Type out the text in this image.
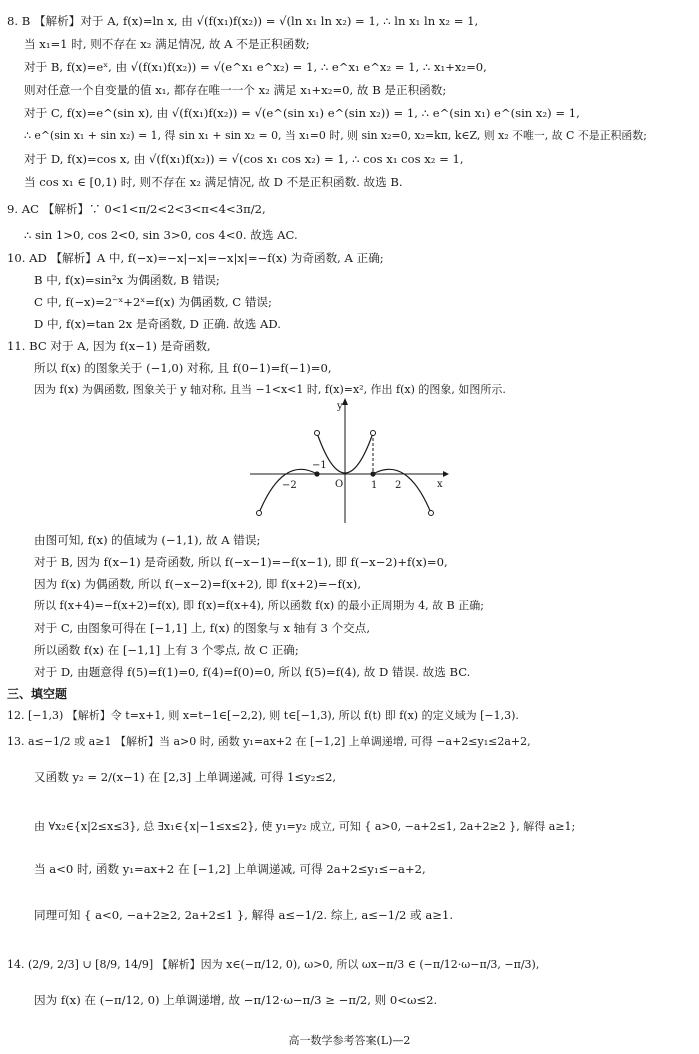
8. B 【解析】对于 A, f(x)=ln x, 由 √(f(x₁)f(x₂)) = √(ln x₁ ln x₂) = 1, ∴ ln x₁ ln x₂ = 1,
当 x₁=1 时, 则不存在 x₂ 满足情况, 故 A 不是正积函数;
对于 B, f(x)=eˣ, 由 √(f(x₁)f(x₂)) = √(e^x₁ e^x₂) = 1, ∴ e^x₁ e^x₂ = 1, ∴ x₁+x₂=0,
则对任意一个自变量的值 x₁, 都存在唯一一个 x₂ 满足 x₁+x₂=0, 故 B 是正积函数;
对于 C, f(x)=e^(sin x), 由 √(f(x₁)f(x₂)) = √(e^(sin x₁) e^(sin x₂)) = 1, ∴ e^(sin x₁) e^(sin x₂) = 1,
∴ e^(sin x₁ + sin x₂) = 1, 得 sin x₁ + sin x₂ = 0, 当 x₁=0 时, 则 sin x₂=0, x₂=kπ, k∈Z, 则 x₂ 不唯一, 故 C 不是正积函数;
对于 D, f(x)=cos x, 由 √(f(x₁)f(x₂)) = √(cos x₁ cos x₂) = 1, ∴ cos x₁ cos x₂ = 1,
当 cos x₁ ∈ [0,1) 时, 则不存在 x₂ 满足情况, 故 D 不是正积函数. 故选 B.
9. AC 【解析】∵ 0<1<π/2<2<3<π<4<3π/2,
∴ sin 1>0, cos 2<0, sin 3>0, cos 4<0. 故选 AC.
10. AD 【解析】A 中, f(−x)=−x|−x|=−x|x|=−f(x) 为奇函数, A 正确;
B 中, f(x)=sin²x 为偶函数, B 错误;
C 中, f(−x)=2⁻ˣ+2ˣ=f(x) 为偶函数, C 错误;
D 中, f(x)=tan 2x 是奇函数, D 正确. 故选 AD.
11. BC 对于 A, 因为 f(x−1) 是奇函数,
所以 f(x) 的图象关于 (−1,0) 对称, 且 f(0−1)=f(−1)=0,
因为 f(x) 为偶函数, 图象关于 y 轴对称, 且当 −1<x<1 时, f(x)=x², 作出 f(x) 的图象, 如图所示.
x
y
O
−2
−1
1 2
由图可知, f(x) 的值域为 (−1,1), 故 A 错误;
对于 B, 因为 f(x−1) 是奇函数, 所以 f(−x−1)=−f(x−1), 即 f(−x−2)+f(x)=0,
因为 f(x) 为偶函数, 所以 f(−x−2)=f(x+2), 即 f(x+2)=−f(x),
所以 f(x+4)=−f(x+2)=f(x), 即 f(x)=f(x+4), 所以函数 f(x) 的最小正周期为 4, 故 B 正确;
对于 C, 由图象可得在 [−1,1] 上, f(x) 的图象与 x 轴有 3 个交点,
所以函数 f(x) 在 [−1,1] 上有 3 个零点, 故 C 正确;
对于 D, 由题意得 f(5)=f(1)=0, f(4)=f(0)=0, 所以 f(5)=f(4), 故 D 错误. 故选 BC.
三、填空题
12. [−1,3) 【解析】令 t=x+1, 则 x=t−1∈[−2,2), 则 t∈[−1,3), 所以 f(t) 即 f(x) 的定义域为 [−1,3).
13. a≤−1/2 或 a≥1 【解析】当 a>0 时, 函数 y₁=ax+2 在 [−1,2] 上单调递增, 可得 −a+2≤y₁≤2a+2,
又函数 y₂ = 2/(x−1) 在 [2,3] 上单调递减, 可得 1≤y₂≤2,
由 ∀x₂∈{x|2≤x≤3}, 总 ∃x₁∈{x|−1≤x≤2}, 使 y₁=y₂ 成立, 可知 { a>0, −a+2≤1, 2a+2≥2 }, 解得 a≥1;
当 a<0 时, 函数 y₁=ax+2 在 [−1,2] 上单调递减, 可得 2a+2≤y₁≤−a+2,
同理可知 { a<0, −a+2≥2, 2a+2≤1 }, 解得 a≤−1/2. 综上, a≤−1/2 或 a≥1.
14. (2/9, 2/3] ∪ [8/9, 14/9] 【解析】因为 x∈(−π/12, 0), ω>0, 所以 ωx−π/3 ∈ (−π/12·ω−π/3, −π/3),
因为 f(x) 在 (−π/12, 0) 上单调递增, 故 −π/12·ω−π/3 ≥ −π/2, 则 0<ω≤2.
高一数学参考答案(L)—2
